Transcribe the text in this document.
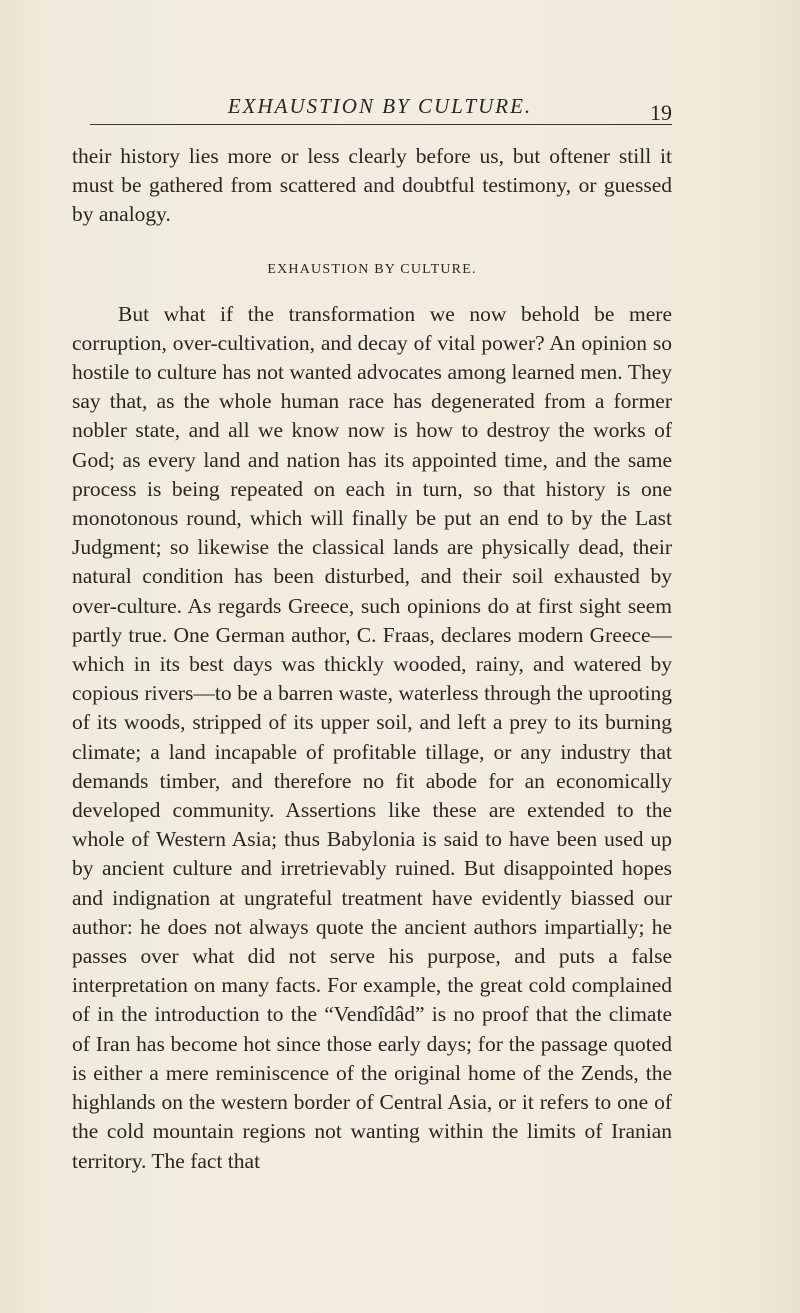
EXHAUSTION BY CULTURE.	19

their history lies more or less clearly before us, but oftener still it must be gathered from scattered and doubtful testimony, or guessed by analogy.

EXHAUSTION BY CULTURE.

But what if the transformation we now behold be mere corruption, over-cultivation, and decay of vital power? An opinion so hostile to culture has not wanted advocates among learned men. They say that, as the whole human race has degenerated from a former nobler state, and all we know now is how to destroy the works of God; as every land and nation has its appointed time, and the same process is being repeated on each in turn, so that history is one monotonous round, which will finally be put an end to by the Last Judgment; so likewise the classical lands are physically dead, their natural condition has been disturbed, and their soil exhausted by over-culture. As regards Greece, such opinions do at first sight seem partly true. One German author, C. Fraas, declares modern Greece—which in its best days was thickly wooded, rainy, and watered by copious rivers—to be a barren waste, waterless through the uprooting of its woods, stripped of its upper soil, and left a prey to its burning climate; a land incapable of profitable tillage, or any industry that demands timber, and therefore no fit abode for an economically developed community. Assertions like these are extended to the whole of Western Asia; thus Babylonia is said to have been used up by ancient culture and irretrievably ruined. But disappointed hopes and indignation at ungrateful treatment have evidently biassed our author: he does not always quote the ancient authors impartially; he passes over what did not serve his purpose, and puts a false interpretation on many facts. For example, the great cold complained of in the introduction to the “Vendîdâd” is no proof that the climate of Iran has become hot since those early days; for the passage quoted is either a mere reminiscence of the original home of the Zends, the highlands on the western border of Central Asia, or it refers to one of the cold mountain regions not wanting within the limits of Iranian territory. The fact that
